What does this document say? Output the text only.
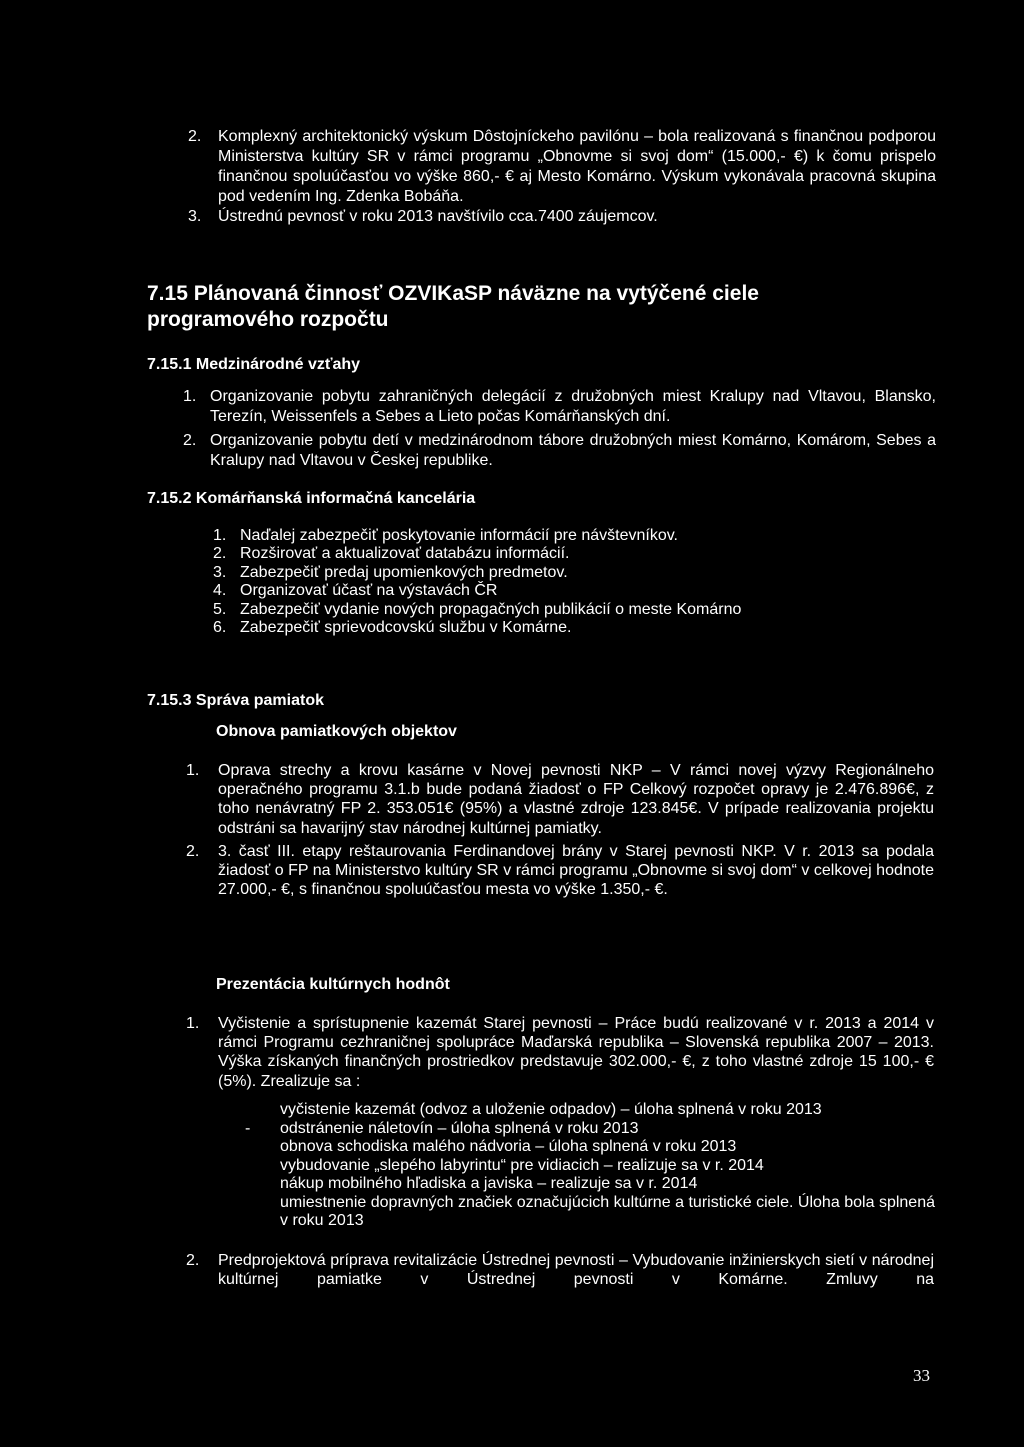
2. Komplexný architektonický výskum Dôstojníckeho pavilónu – bola realizovaná s finančnou podporou Ministerstva kultúry SR v rámci programu „Obnovme si svoj dom“ (15.000,- €) k čomu prispelo finančnou spoluúčasťou vo výške 860,- € aj Mesto Komárno. Výskum vykonávala pracovná skupina pod vedením Ing. Zdenka Bobáňa.
3. Ústrednú pevnosť v roku 2013 navštívilo cca.7400 záujemcov.
7.15 Plánovaná činnosť OZVIKaSP náväzne na vytýčené ciele
programového rozpočtu
7.15.1 Medzinárodné vzťahy
1. Organizovanie pobytu zahraničných delegácií z družobných miest Kralupy nad Vltavou, Blansko, Terezín, Weissenfels a Sebes a Lieto počas Komárňanských dní.
2. Organizovanie pobytu detí v medzinárodnom tábore družobných miest Komárno, Komárom, Sebes a Kralupy nad Vltavou v Českej republike.
7.15.2 Komárňanská informačná kancelária
1. Naďalej zabezpečiť poskytovanie informácií pre návštevníkov.
2. Rozširovať a aktualizovať databázu informácií.
3. Zabezpečiť predaj upomienkových predmetov.
4. Organizovať účasť na výstavách ČR
5. Zabezpečiť vydanie nových propagačných publikácií o meste Komárno
6. Zabezpečiť sprievodcovskú službu v Komárne.
7.15.3 Správa pamiatok
Obnova pamiatkových objektov
1. Oprava strechy a krovu kasárne v Novej pevnosti NKP – V rámci novej výzvy Regionálneho operačného programu 3.1.b bude podaná žiadosť o FP Celkový rozpočet opravy je 2.476.896€, z toho nenávratný FP 2. 353.051€ (95%) a vlastné zdroje 123.845€. V prípade realizovania projektu odstráni sa havarijný stav národnej kultúrnej pamiatky.
2. 3. časť III. etapy reštaurovania Ferdinandovej brány v Starej pevnosti NKP. V r. 2013 sa podala žiadosť o FP na Ministerstvo kultúry SR v rámci programu „Obnovme si svoj dom“ v celkovej hodnote 27.000,- €, s finančnou spoluúčasťou mesta vo výške 1.350,- €.
Prezentácia kultúrnych hodnôt
1. Vyčistenie a sprístupnenie kazemát Starej pevnosti – Práce budú realizované v r. 2013 a 2014 v rámci Programu cezhraničnej spolupráce Maďarská republika – Slovenská republika 2007 – 2013. Výška získaných finančných prostriedkov predstavuje 302.000,- €, z toho vlastné zdroje 15 100,- € (5%). Zrealizuje sa :
vyčistenie kazemát (odvoz a uloženie odpadov) – úloha splnená v roku 2013
- odstránenie náletovín – úloha splnená v roku 2013
obnova schodiska malého nádvoria – úloha splnená v roku 2013
vybudovanie „slepého labyrintu“ pre vidiacich – realizuje sa v r. 2014
nákup mobilného hľadiska a javiska – realizuje sa v r. 2014
umiestnenie dopravných značiek označujúcich kultúrne a turistické ciele. Úloha bola splnená v roku 2013
2. Predprojektová príprava revitalizácie Ústrednej pevnosti – Vybudovanie inžinierskych sietí v národnej kultúrnej pamiatke v Ústrednej pevnosti v Komárne. Zmluvy na
33
